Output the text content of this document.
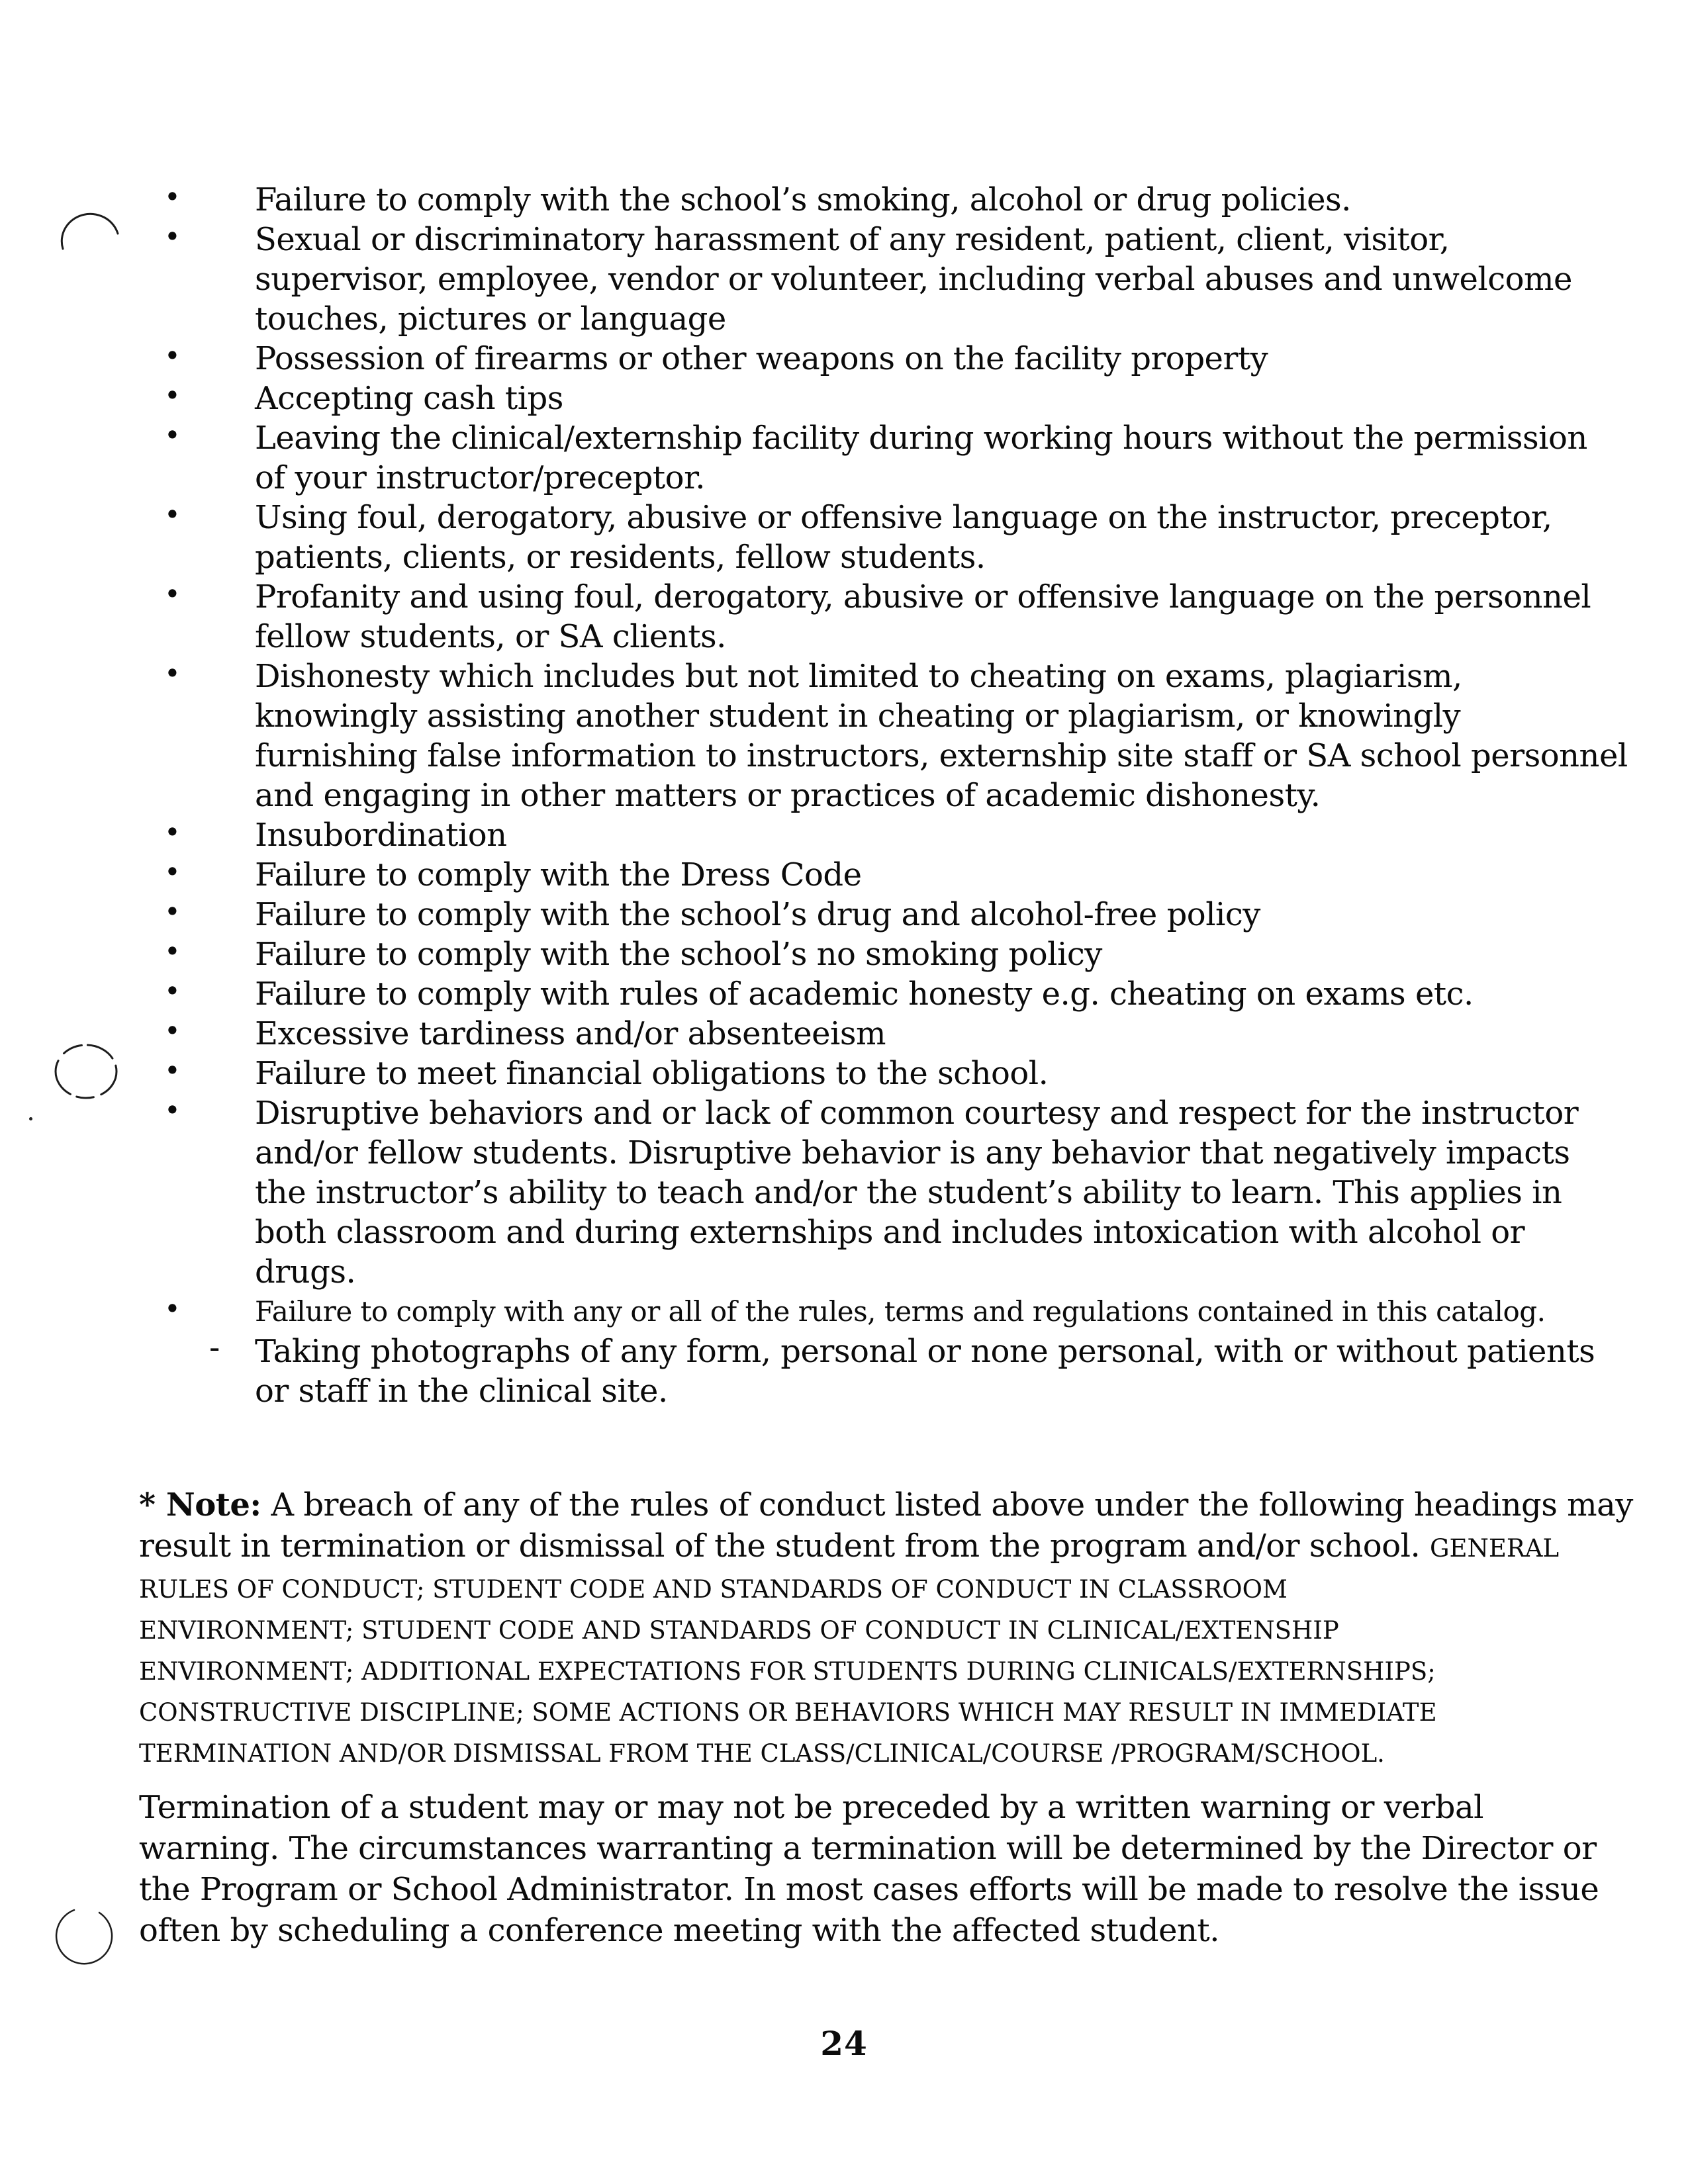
• Failure to comply with the school’s smoking, alcohol or drug policies.
• Sexual or discriminatory harassment of any resident, patient, client, visitor,
supervisor, employee, vendor or volunteer, including verbal abuses and unwelcome
touches, pictures or language
• Possession of firearms or other weapons on the facility property
• Accepting cash tips
• Leaving the clinical/externship facility during working hours without the permission
of your instructor/preceptor.
• Using foul, derogatory, abusive or offensive language on the instructor, preceptor,
patients, clients, or residents, fellow students.
• Profanity and using foul, derogatory, abusive or offensive language on the personnel
fellow students, or SA clients.
• Dishonesty which includes but not limited to cheating on exams, plagiarism,
knowingly assisting another student in cheating or plagiarism, or knowingly
furnishing false information to instructors, externship site staff or SA school personnel
and engaging in other matters or practices of academic dishonesty.
• Insubordination
• Failure to comply with the Dress Code
• Failure to comply with the school’s drug and alcohol-free policy
• Failure to comply with the school’s no smoking policy
• Failure to comply with rules of academic honesty e.g. cheating on exams etc.
• Excessive tardiness and/or absenteeism
• Failure to meet financial obligations to the school.
• Disruptive behaviors and or lack of common courtesy and respect for the instructor
and/or fellow students. Disruptive behavior is any behavior that negatively impacts
the instructor’s ability to teach and/or the student’s ability to learn. This applies in
both classroom and during externships and includes intoxication with alcohol or
drugs.
•	Failure to comply with any or all of the rules, terms and regulations contained in this catalog.
- Taking photographs of any form, personal or none personal, with or without patients
or staff in the clinical site.
* Note: A breach of any of the rules of conduct listed above under the following headings may
result in termination or dismissal of the student from the program and/or school. GENERAL
RULES OF CONDUCT; STUDENT CODE AND STANDARDS OF CONDUCT IN CLASSROOM
ENVIRONMENT; STUDENT CODE AND STANDARDS OF CONDUCT IN CLINICAL/EXTENSHIP
ENVIRONMENT; ADDITIONAL EXPECTATIONS FOR STUDENTS DURING CLINICALS/EXTERNSHIPS;
CONSTRUCTIVE DISCIPLINE; SOME ACTIONS OR BEHAVIORS WHICH MAY RESULT IN IMMEDIATE
TERMINATION AND/OR DISMISSAL FROM THE CLASS/CLINICAL/COURSE /PROGRAM/SCHOOL.
Termination of a student may or may not be preceded by a written warning or verbal
warning. The circumstances warranting a termination will be determined by the Director or
the Program or School Administrator. In most cases efforts will be made to resolve the issue
often by scheduling a conference meeting with the affected student.
24
